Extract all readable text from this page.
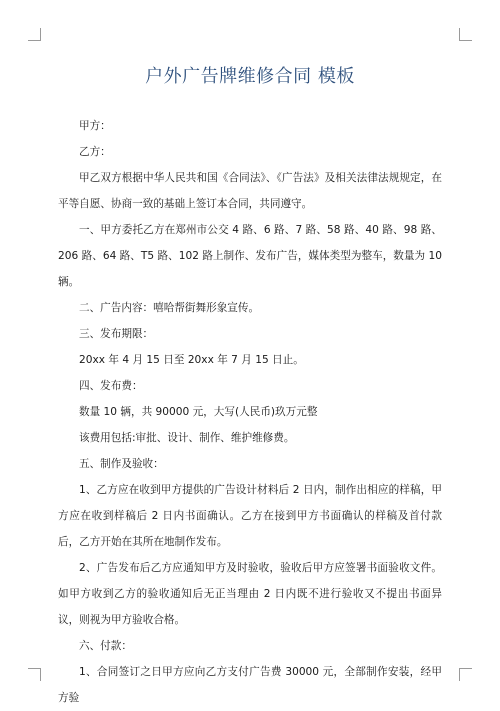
户外广告牌维修合同 模板

甲方：

乙方：

甲乙双方根据中华人民共和国《合同法》、《广告法》及相关法律法规规定，在平等自愿、协商一致的基础上签订本合同，共同遵守。

一、甲方委托乙方在郑州市公交 4 路、6 路、7 路、58 路、40 路、98 路、206 路、64 路、T5 路、102 路上制作、发布广告，媒体类型为整车，数量为 10 辆。

二、广告内容：嘻哈帮街舞形象宣传。

三、发布期限：

20xx 年 4 月 15 日至 20xx 年 7 月 15 日止。

四、发布费：

数量 10 辆，共 90000 元，大写(人民币)玖万元整

该费用包括:审批、设计、制作、维护维修费。

五、制作及验收：

1、乙方应在收到甲方提供的广告设计材料后 2 日内，制作出相应的样稿，甲方应在收到样稿后 2 日内书面确认。乙方在接到甲方书面确认的样稿及首付款后，乙方开始在其所在地制作发布。

2、广告发布后乙方应通知甲方及时验收，验收后甲方应签署书面验收文件。如甲方收到乙方的验收通知后无正当理由 2 日内既不进行验收又不提出书面异议，则视为甲方验收合格。

六、付款：

1、合同签订之日甲方应向乙方支付广告费 30000 元，全部制作安装，经甲方验
